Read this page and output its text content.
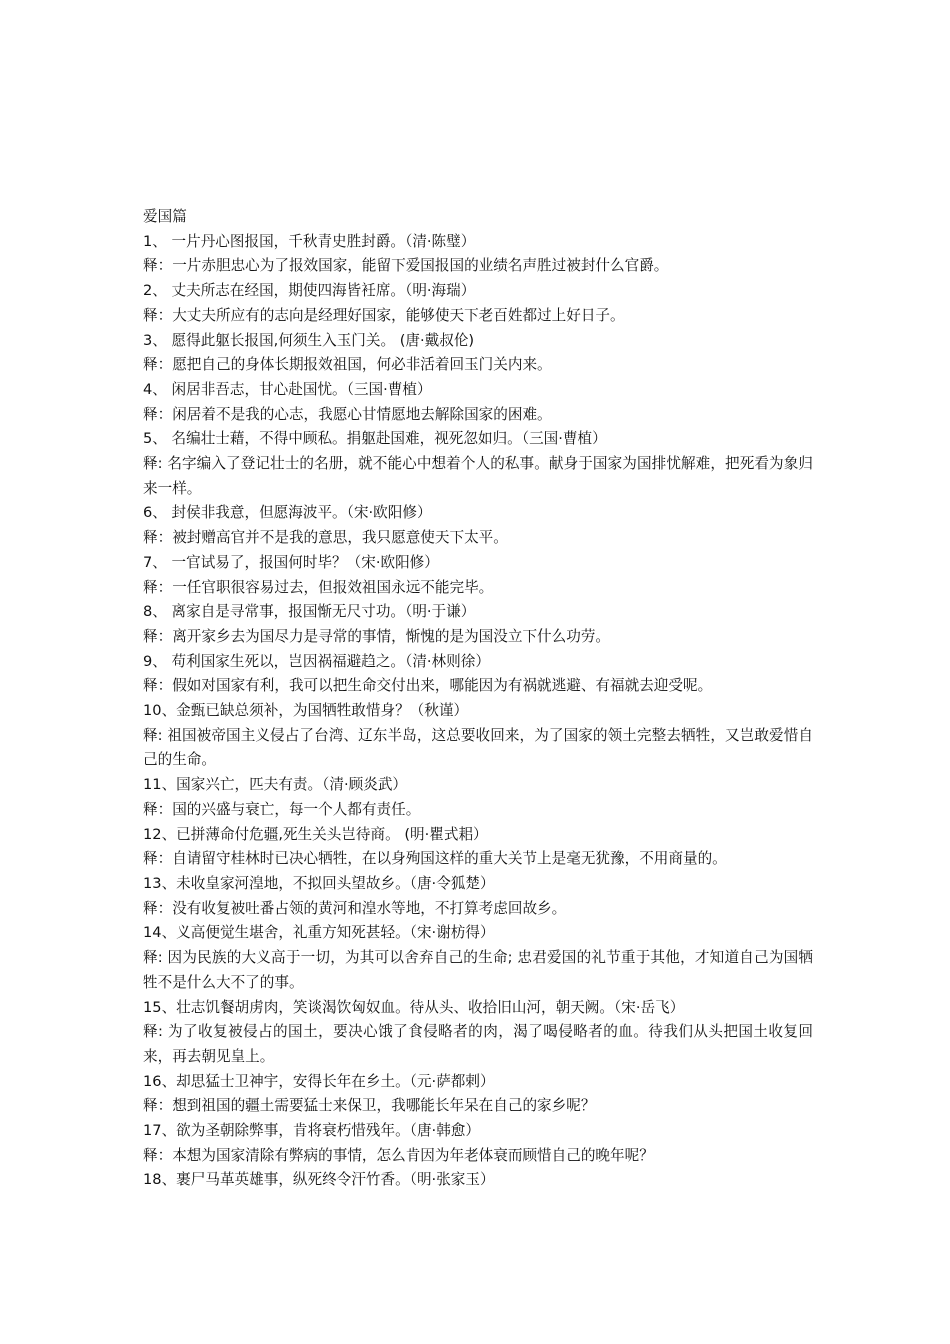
爱国篇

1、 一片丹心图报国，千秋青史胜封爵。（清·陈璧）

释：一片赤胆忠心为了报效国家，能留下爱国报国的业绩名声胜过被封什么官爵。

2、 丈夫所志在经国，期使四海皆衽席。（明·海瑞）

释：大丈夫所应有的志向是经理好国家，能够使天下老百姓都过上好日子。

3、 愿得此躯长报国,何须生入玉门关。 (唐·戴叔伦)

释：愿把自己的身体长期报效祖国，何必非活着回玉门关内来。

4、 闲居非吾志，甘心赴国忧。（三国·曹植）

释：闲居着不是我的心志，我愿心甘情愿地去解除国家的困难。

5、 名编壮士藉，不得中顾私。捐躯赴国难，视死忽如归。（三国·曹植）

释: 名字编入了登记壮士的名册，就不能心中想着个人的私事。献身于国家为国排忧解难，把死看为象归来一样。

6、 封侯非我意，但愿海波平。（宋·欧阳修）

释：被封赠高官并不是我的意思，我只愿意使天下太平。

7、 一官试易了，报国何时毕？（宋·欧阳修）

释：一任官职很容易过去，但报效祖国永远不能完毕。

8、 离家自是寻常事，报国惭无尺寸功。（明·于谦）

释：离开家乡去为国尽力是寻常的事情，惭愧的是为国没立下什么功劳。

9、 苟利国家生死以，岂因祸福避趋之。（清·林则徐）

释：假如对国家有利，我可以把生命交付出来，哪能因为有祸就逃避、有福就去迎受呢。

10、金甄已缺总须补，为国牺牲敢惜身？（秋谨）

释: 祖国被帝国主义侵占了台湾、辽东半岛，这总要收回来，为了国家的领土完整去牺牲，又岂敢爱惜自己的生命。

11、国家兴亡，匹夫有责。（清·顾炎武）

释：国的兴盛与衰亡，每一个人都有责任。

12、已拼薄命付危疆,死生关头岂待商。 (明·瞿式耜）

释：自请留守桂林时已决心牺牲，在以身殉国这样的重大关节上是毫无犹豫，不用商量的。

13、未收皇家河湟地，不拟回头望故乡。（唐·令狐楚）

释：没有收复被吐番占领的黄河和湟水等地，不打算考虑回故乡。

14、义高便觉生堪舍，礼重方知死甚轻。（宋·谢枋得）

释: 因为民族的大义高于一切，为其可以舍弃自己的生命; 忠君爱国的礼节重于其他，才知道自己为国牺牲不是什么大不了的事。

15、壮志饥餐胡虏肉，笑谈渴饮匈奴血。待从头、收拾旧山河，朝天阙。（宋·岳飞）

释: 为了收复被侵占的国土，要决心饿了食侵略者的肉，渴了喝侵略者的血。待我们从头把国土收复回来，再去朝见皇上。

16、却思猛士卫神宇，安得长年在乡土。（元·萨都剌）

释：想到祖国的疆土需要猛士来保卫，我哪能长年呆在自己的家乡呢？

17、欲为圣朝除弊事，肯将衰朽惜残年。（唐·韩愈）

释：本想为国家清除有弊病的事情，怎么肯因为年老体衰而顾惜自己的晚年呢？

18、裹尸马革英雄事，纵死终令汗竹香。（明·张家玉）
